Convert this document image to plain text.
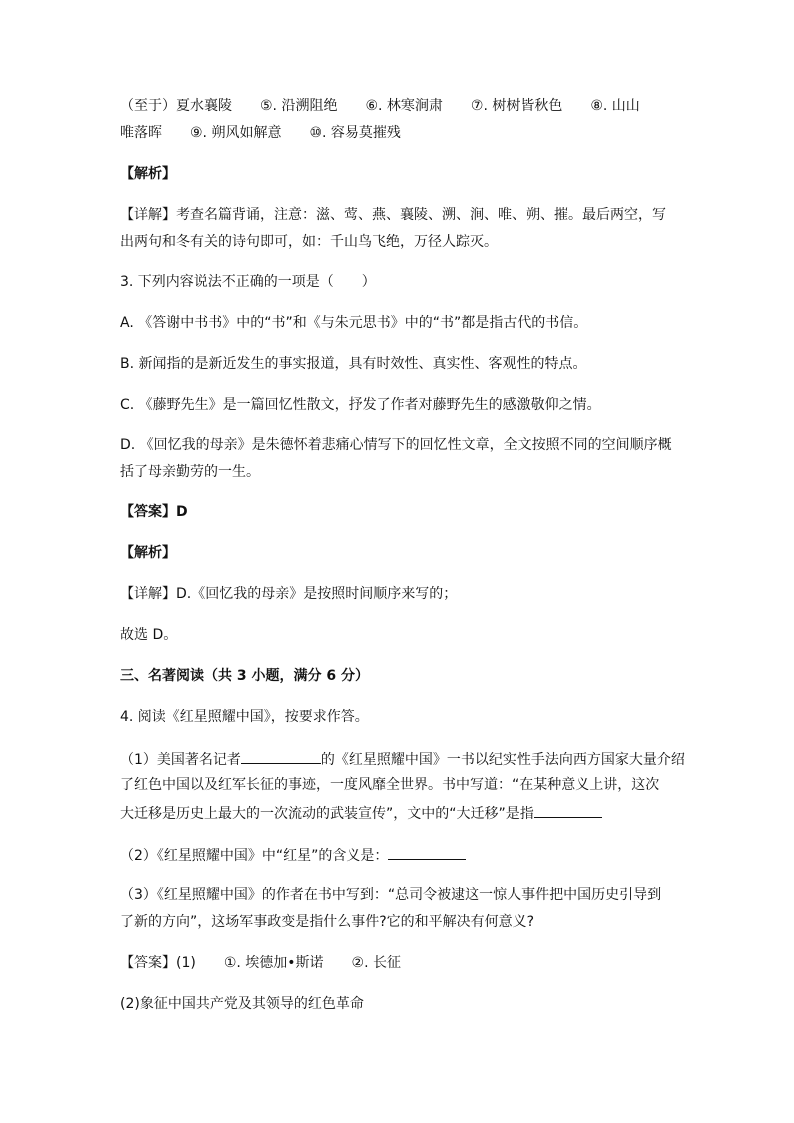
（至于）夏水襄陵　　⑤. 沿溯阻绝　　⑥. 林寒涧肃　　⑦. 树树皆秋色　　⑧. 山山
唯落晖　　⑨. 朔风如解意　　⑩. 容易莫摧残
【解析】
【详解】考查名篇背诵，注意：滋、莺、燕、襄陵、溯、涧、唯、朔、摧。最后两空，写
出两句和冬有关的诗句即可，如：千山鸟飞绝，万径人踪灭。
3. 下列内容说法不正确的一项是（　　）
A. 《答谢中书书》中的“书”和《与朱元思书》中的“书”都是指古代的书信。
B. 新闻指的是新近发生的事实报道，具有时效性、真实性、客观性的特点。
C. 《藤野先生》是一篇回忆性散文，抒发了作者对藤野先生的感激敬仰之情。
D. 《回忆我的母亲》是朱德怀着悲痛心情写下的回忆性文章，全文按照不同的空间顺序概
括了母亲勤劳的一生。
【答案】D
【解析】
【详解】D.《回忆我的母亲》是按照时间顺序来写的；
故选 D。
三、名著阅读（共 3 小题，满分 6 分）
4. 阅读《红星照耀中国》，按要求作答。
（1）美国著名记者	的《红星照耀中国》一书以纪实性手法向西方国家大量介绍
了红色中国以及红军长征的事迹，一度风靡全世界。书中写道：“在某种意义上讲，这次
大迁移是历史上最大的一次流动的武装宣传”，文中的“大迁移”是指
（2）《红星照耀中国》中“红星”的含义是：
（3）《红星照耀中国》的作者在书中写到：“总司令被逮这一惊人事件把中国历史引导到
了新的方向”，这场军事政变是指什么事件?它的和平解决有何意义?
【答案】(1)　　①. 埃德加•斯诺　　②. 长征
(2)象征中国共产党及其领导的红色革命
